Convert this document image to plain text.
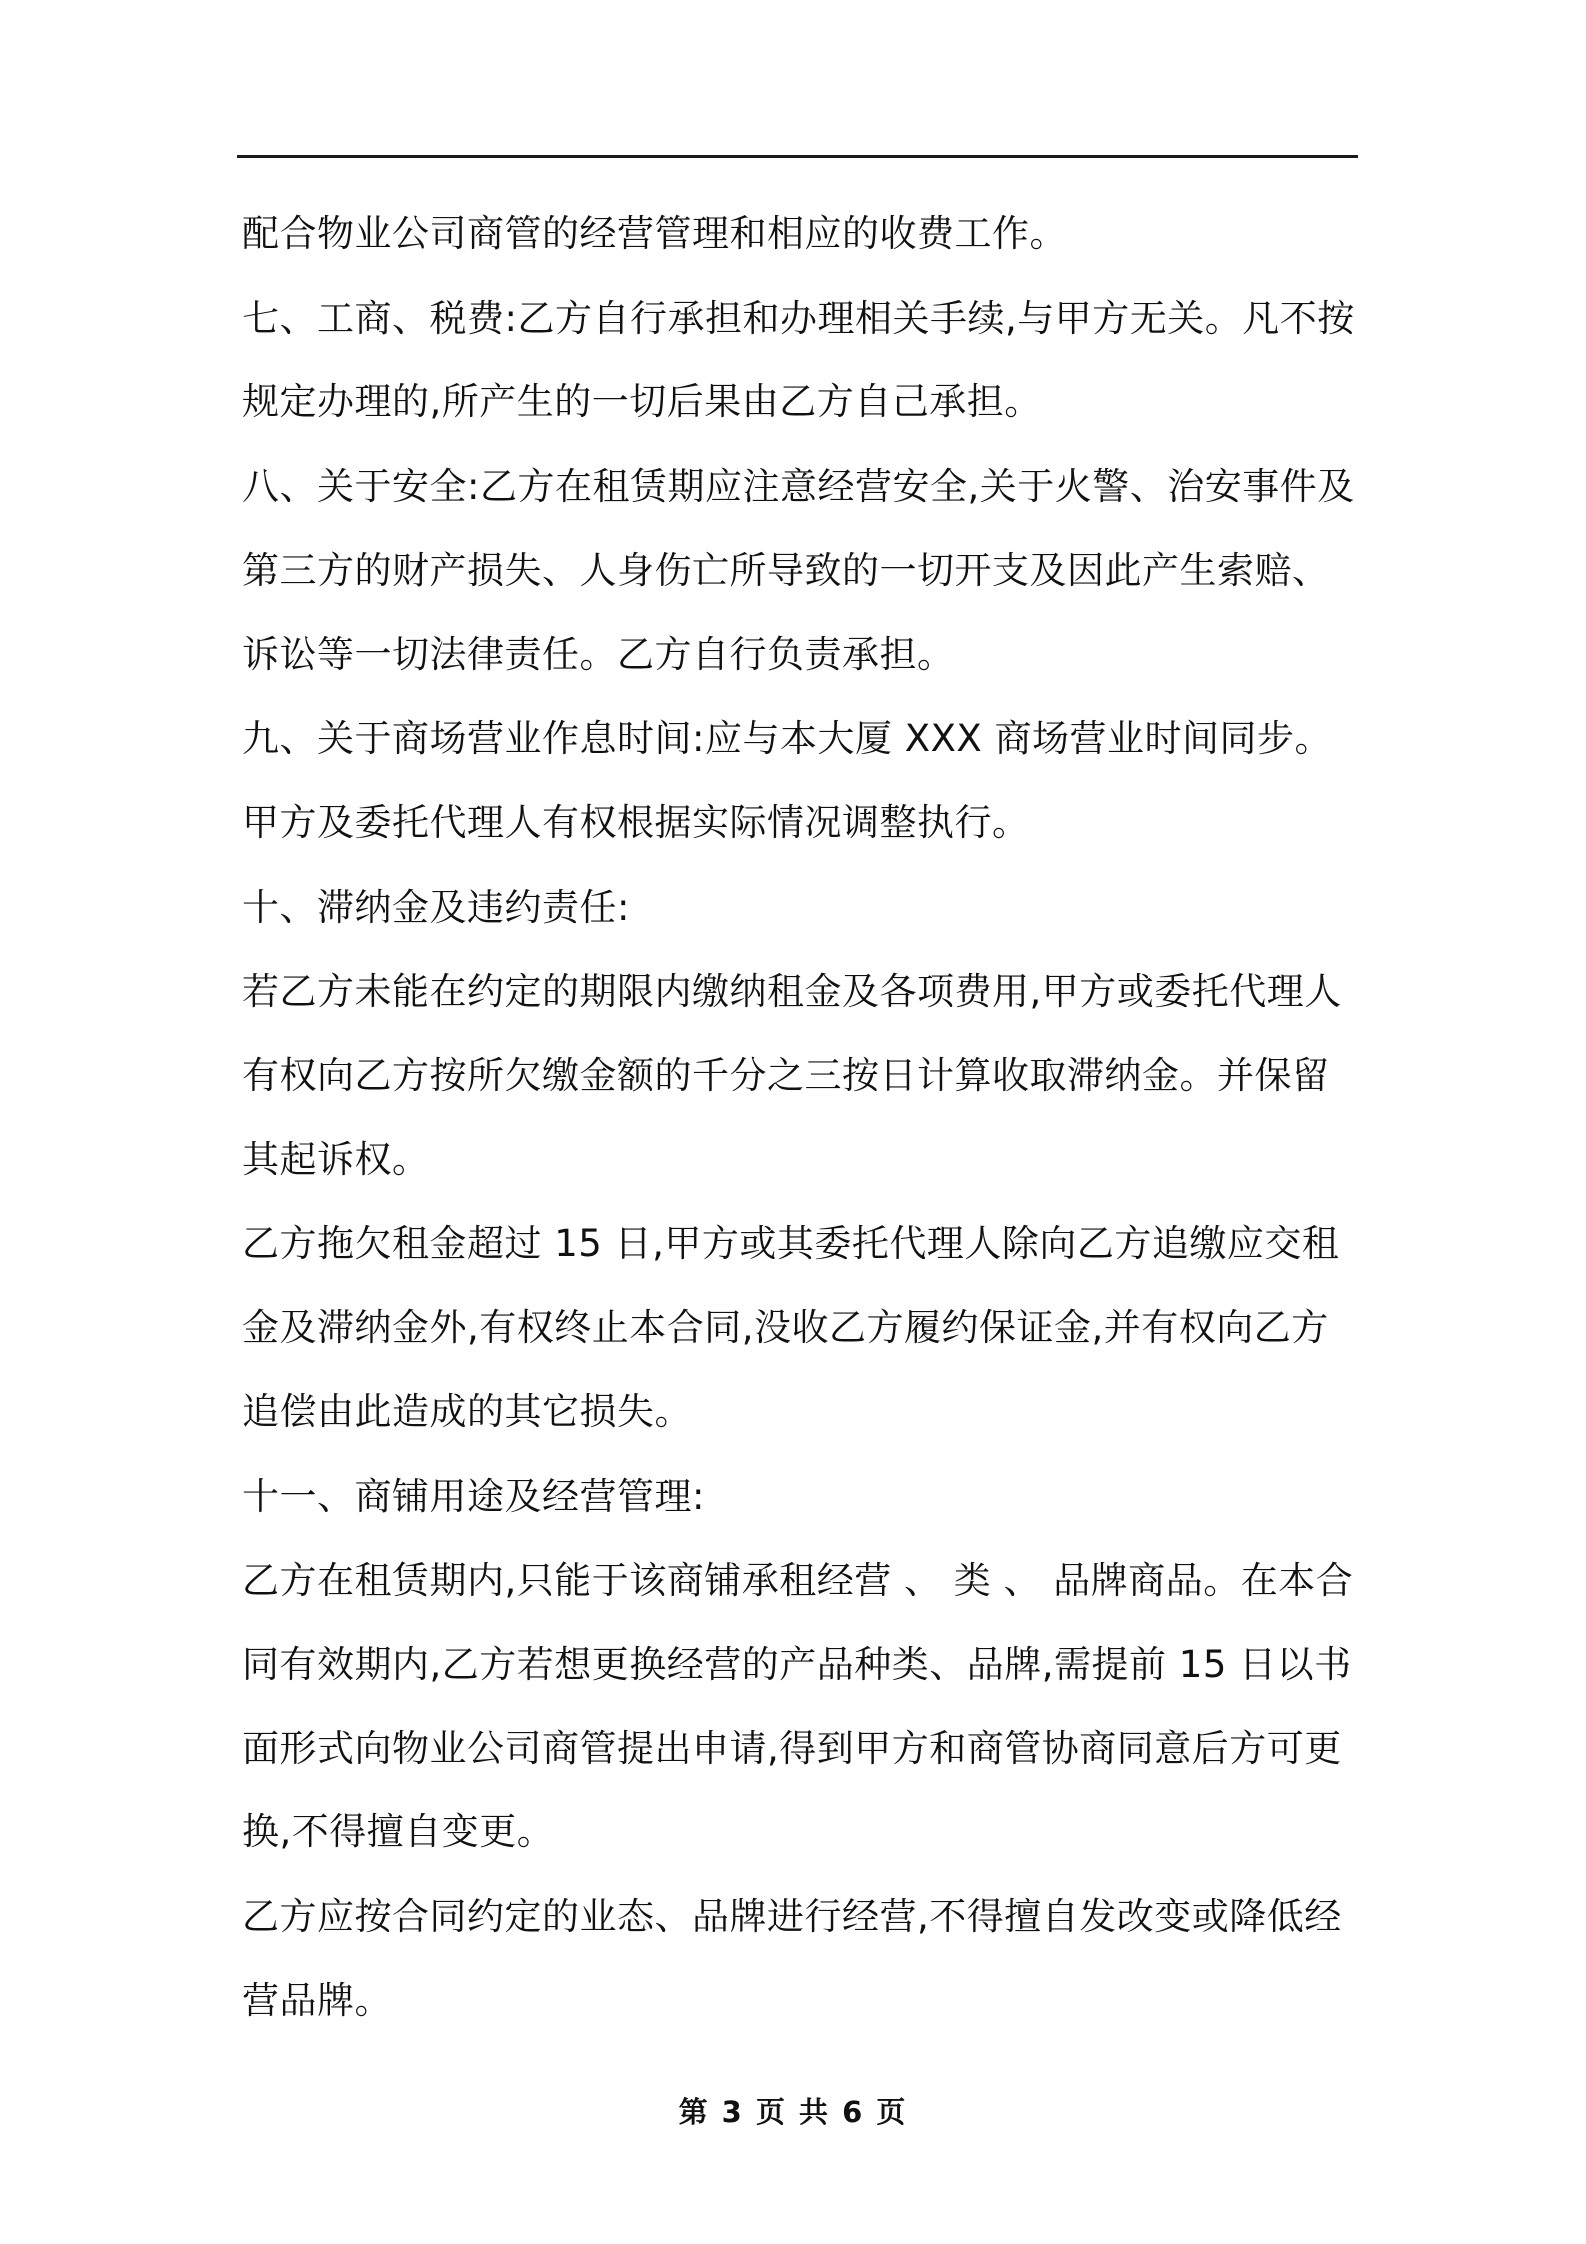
配合物业公司商管的经营管理和相应的收费工作。

七、工商、税费:乙方自行承担和办理相关手续,与甲方无关。凡不按规定办理的,所产生的一切后果由乙方自己承担。

八、关于安全:乙方在租赁期应注意经营安全,关于火警、治安事件及第三方的财产损失、人身伤亡所导致的一切开支及因此产生索赔、诉讼等一切法律责任。乙方自行负责承担。

九、关于商场营业作息时间:应与本大厦 XXX 商场营业时间同步。甲方及委托代理人有权根据实际情况调整执行。

十、滞纳金及违约责任:

若乙方未能在约定的期限内缴纳租金及各项费用,甲方或委托代理人有权向乙方按所欠缴金额的千分之三按日计算收取滞纳金。并保留其起诉权。

乙方拖欠租金超过 15 日,甲方或其委托代理人除向乙方追缴应交租金及滞纳金外,有权终止本合同,没收乙方履约保证金,并有权向乙方追偿由此造成的其它损失。

十一、商铺用途及经营管理:

乙方在租赁期内,只能于该商铺承租经营 、 类 、 品牌商品。在本合同有效期内,乙方若想更换经营的产品种类、品牌,需提前 15 日以书面形式向物业公司商管提出申请,得到甲方和商管协商同意后方可更换,不得擅自变更。

乙方应按合同约定的业态、品牌进行经营,不得擅自发改变或降低经营品牌。

第 3 页 共 6 页
